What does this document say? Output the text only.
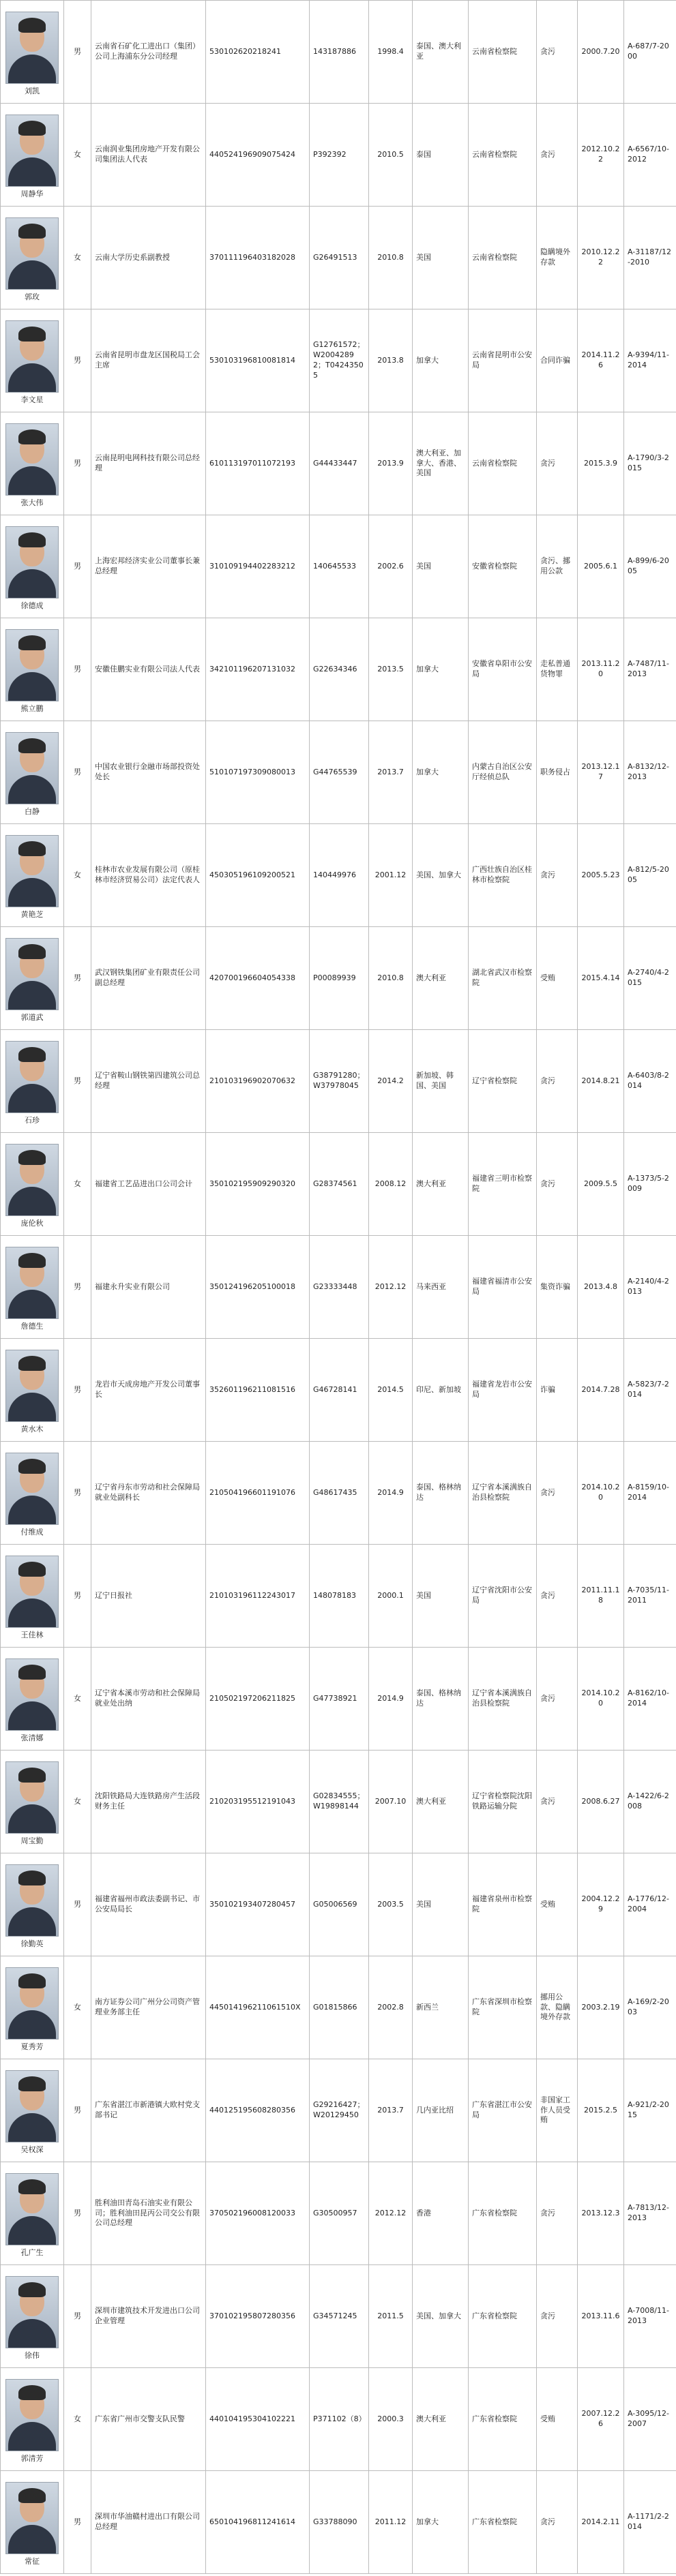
刘凯	男	云南省石矿化工进出口（集团）公司上海浦东分公司经理	530102620218241	143187886	1998.4	泰国、澳大利亚	云南省检察院	贪污	2000.7.20	A-687/7-2000

周静华	女	云南润业集团房地产开发有限公司集团法人代表	440524196909075424	P392392	2010.5	泰国	云南省检察院	贪污	2012.10.22	A-6567/10-2012

郭玫	女	云南大学历史系副教授	370111196403182028	G26491513	2010.8	美国	云南省检察院	隐瞒境外存款	2010.12.22	A-31187/12-2010

李文星	男	云南省昆明市盘龙区国税局工会主席	530103196810081814	G12761572；W20042892；T04243505	2013.8	加拿大	云南省昆明市公安局	合同诈骗	2014.11.26	A-9394/11-2014

张大伟	男	云南昆明电网科技有限公司总经理	610113197011072193	G44433447	2013.9	澳大利亚、加拿大、香港、美国	云南省检察院	贪污	2015.3.9	A-1790/3-2015

徐德成	男	上海宏邦经济实业公司董事长兼总经理	310109194402283212	140645533	2002.6	美国	安徽省检察院	贪污、挪用公款	2005.6.1	A-899/6-2005

熊立鹏	男	安徽佳鹏实业有限公司法人代表	342101196207131032	G22634346	2013.5	加拿大	安徽省阜阳市公安局	走私普通货物罪	2013.11.20	A-7487/11-2013

白静	男	中国农业银行金融市场部投资处处长	510107197309080013	G44765539	2013.7	加拿大	内蒙古自治区公安厅经侦总队	职务侵占	2013.12.17	A-8132/12-2013

黄艳芝	女	桂林市农业发展有限公司（原桂林市经济贸易公司）法定代表人	450305196109200521	140449976	2001.12	美国、加拿大	广西壮族自治区桂林市检察院	贪污	2005.5.23	A-812/5-2005

郭道武	男	武汉钢铁集团矿业有限责任公司副总经理	420700196604054338	P00089939	2010.8	澳大利亚	湖北省武汉市检察院	受贿	2015.4.14	A-2740/4-2015

石珍	男	辽宁省鞍山钢铁第四建筑公司总经理	210103196902070632	G38791280；W37978045	2014.2	新加坡、韩国、美国	辽宁省检察院	贪污	2014.8.21	A-6403/8-2014

庞伦秋	女	福建省工艺品进出口公司会计	350102195909290320	G28374561	2008.12	澳大利亚	福建省三明市检察院	贪污	2009.5.5	A-1373/5-2009

詹德生	男	福建永升实业有限公司	350124196205100018	G23333448	2012.12	马来西亚	福建省福清市公安局	集资诈骗	2013.4.8	A-2140/4-2013

黄水木	男	龙岩市天成房地产开发公司董事长	352601196211081516	G46728141	2014.5	印尼、新加坡	福建省龙岩市公安局	诈骗	2014.7.28	A-5823/7-2014

付维成	男	辽宁省丹东市劳动和社会保障局就业处副科长	210504196601191076	G48617435	2014.9	泰国、格林纳达	辽宁省本溪满族自治县检察院	贪污	2014.10.20	A-8159/10-2014

王佳林	男	辽宁日报社	210103196112243017	148078183	2000.1	美国	辽宁省沈阳市公安局	贪污	2011.11.18	A-7035/11-2011

张清娜	女	辽宁省本溪市劳动和社会保障局就业处出纳	210502197206211825	G47738921	2014.9	泰国、格林纳达	辽宁省本溪满族自治县检察院	贪污	2014.10.20	A-8162/10-2014

周宝勤	女	沈阳铁路局大连铁路房产生活段财务主任	210203195512191043	G02834555；W19898144	2007.10	澳大利亚	辽宁省检察院沈阳铁路运输分院	贪污	2008.6.27	A-1422/6-2008

徐勤英	男	福建省福州市政法委副书记、市公安局局长	350102193407280457	G05006569	2003.5	美国	福建省泉州市检察院	受贿	2004.12.29	A-1776/12-2004

夏秀芳	女	南方证券公司广州分公司资产管理业务部主任	445014196211061510X	G01815866	2002.8	新西兰	广东省深圳市检察院	挪用公款、隐瞒境外存款	2003.2.19	A-169/2-2003

吴权深	男	广东省湛江市新港镇大欧村党支部书记	440125195608280356	G29216427；W20129450	2013.7	几内亚比绍	广东省湛江市公安局	非国家工作人员受贿	2015.2.5	A-921/2-2015

孔广生	男	胜利油田青岛石油实业有限公司；胜利油田昆丙公司交公有限公司总经理	370502196008120033	G30500957	2012.12	香港	广东省检察院	贪污	2013.12.3	A-7813/12-2013

徐伟	男	深圳市建筑技术开发进出口公司企业管理	370102195807280356	G34571245	2011.5	美国、加拿大	广东省检察院	贪污	2013.11.6	A-7008/11-2013

郭清芳	女	广东省广州市交警支队民警	440104195304102221	P371102（8）	2000.3	澳大利亚	广东省检察院	受贿	2007.12.26	A-3095/12-2007

常征	男	深圳市华油赣村进出口有限公司总经理	650104196811241614	G33788090	2011.12	加拿大	广东省检察院	贪污	2014.2.11	A-1171/2-2014
